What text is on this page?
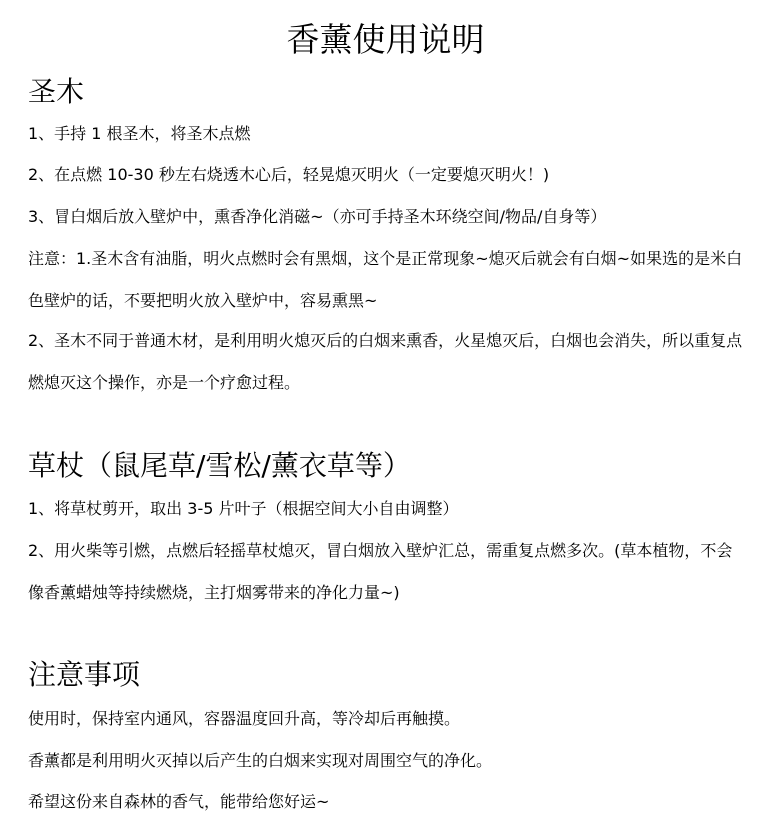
香薰使用说明
圣木
1、手持 1 根圣木，将圣木点燃
2、在点燃 10-30 秒左右烧透木心后，轻晃熄灭明火（一定要熄灭明火！)
3、冒白烟后放入壁炉中，熏香净化消磁~（亦可手持圣木环绕空间/物品/自身等）
注意：1.圣木含有油脂，明火点燃时会有黑烟，这个是正常现象~熄灭后就会有白烟~如果选的是米白色壁炉的话，不要把明火放入壁炉中，容易熏黑~
2、圣木不同于普通木材，是利用明火熄灭后的白烟来熏香，火星熄灭后，白烟也会消失，所以重复点燃熄灭这个操作，亦是一个疗愈过程。
草杖（鼠尾草/雪松/薰衣草等）
1、将草杖剪开，取出 3-5 片叶子（根据空间大小自由调整）
2、用火柴等引燃，点燃后轻摇草杖熄灭，冒白烟放入壁炉汇总，需重复点燃多次。(草本植物，不会像香薰蜡烛等持续燃烧，主打烟雾带来的净化力量~)
注意事项
使用时，保持室内通风，容器温度回升高，等冷却后再触摸。
香薰都是利用明火灭掉以后产生的白烟来实现对周围空气的净化。
希望这份来自森林的香气，能带给您好运~
